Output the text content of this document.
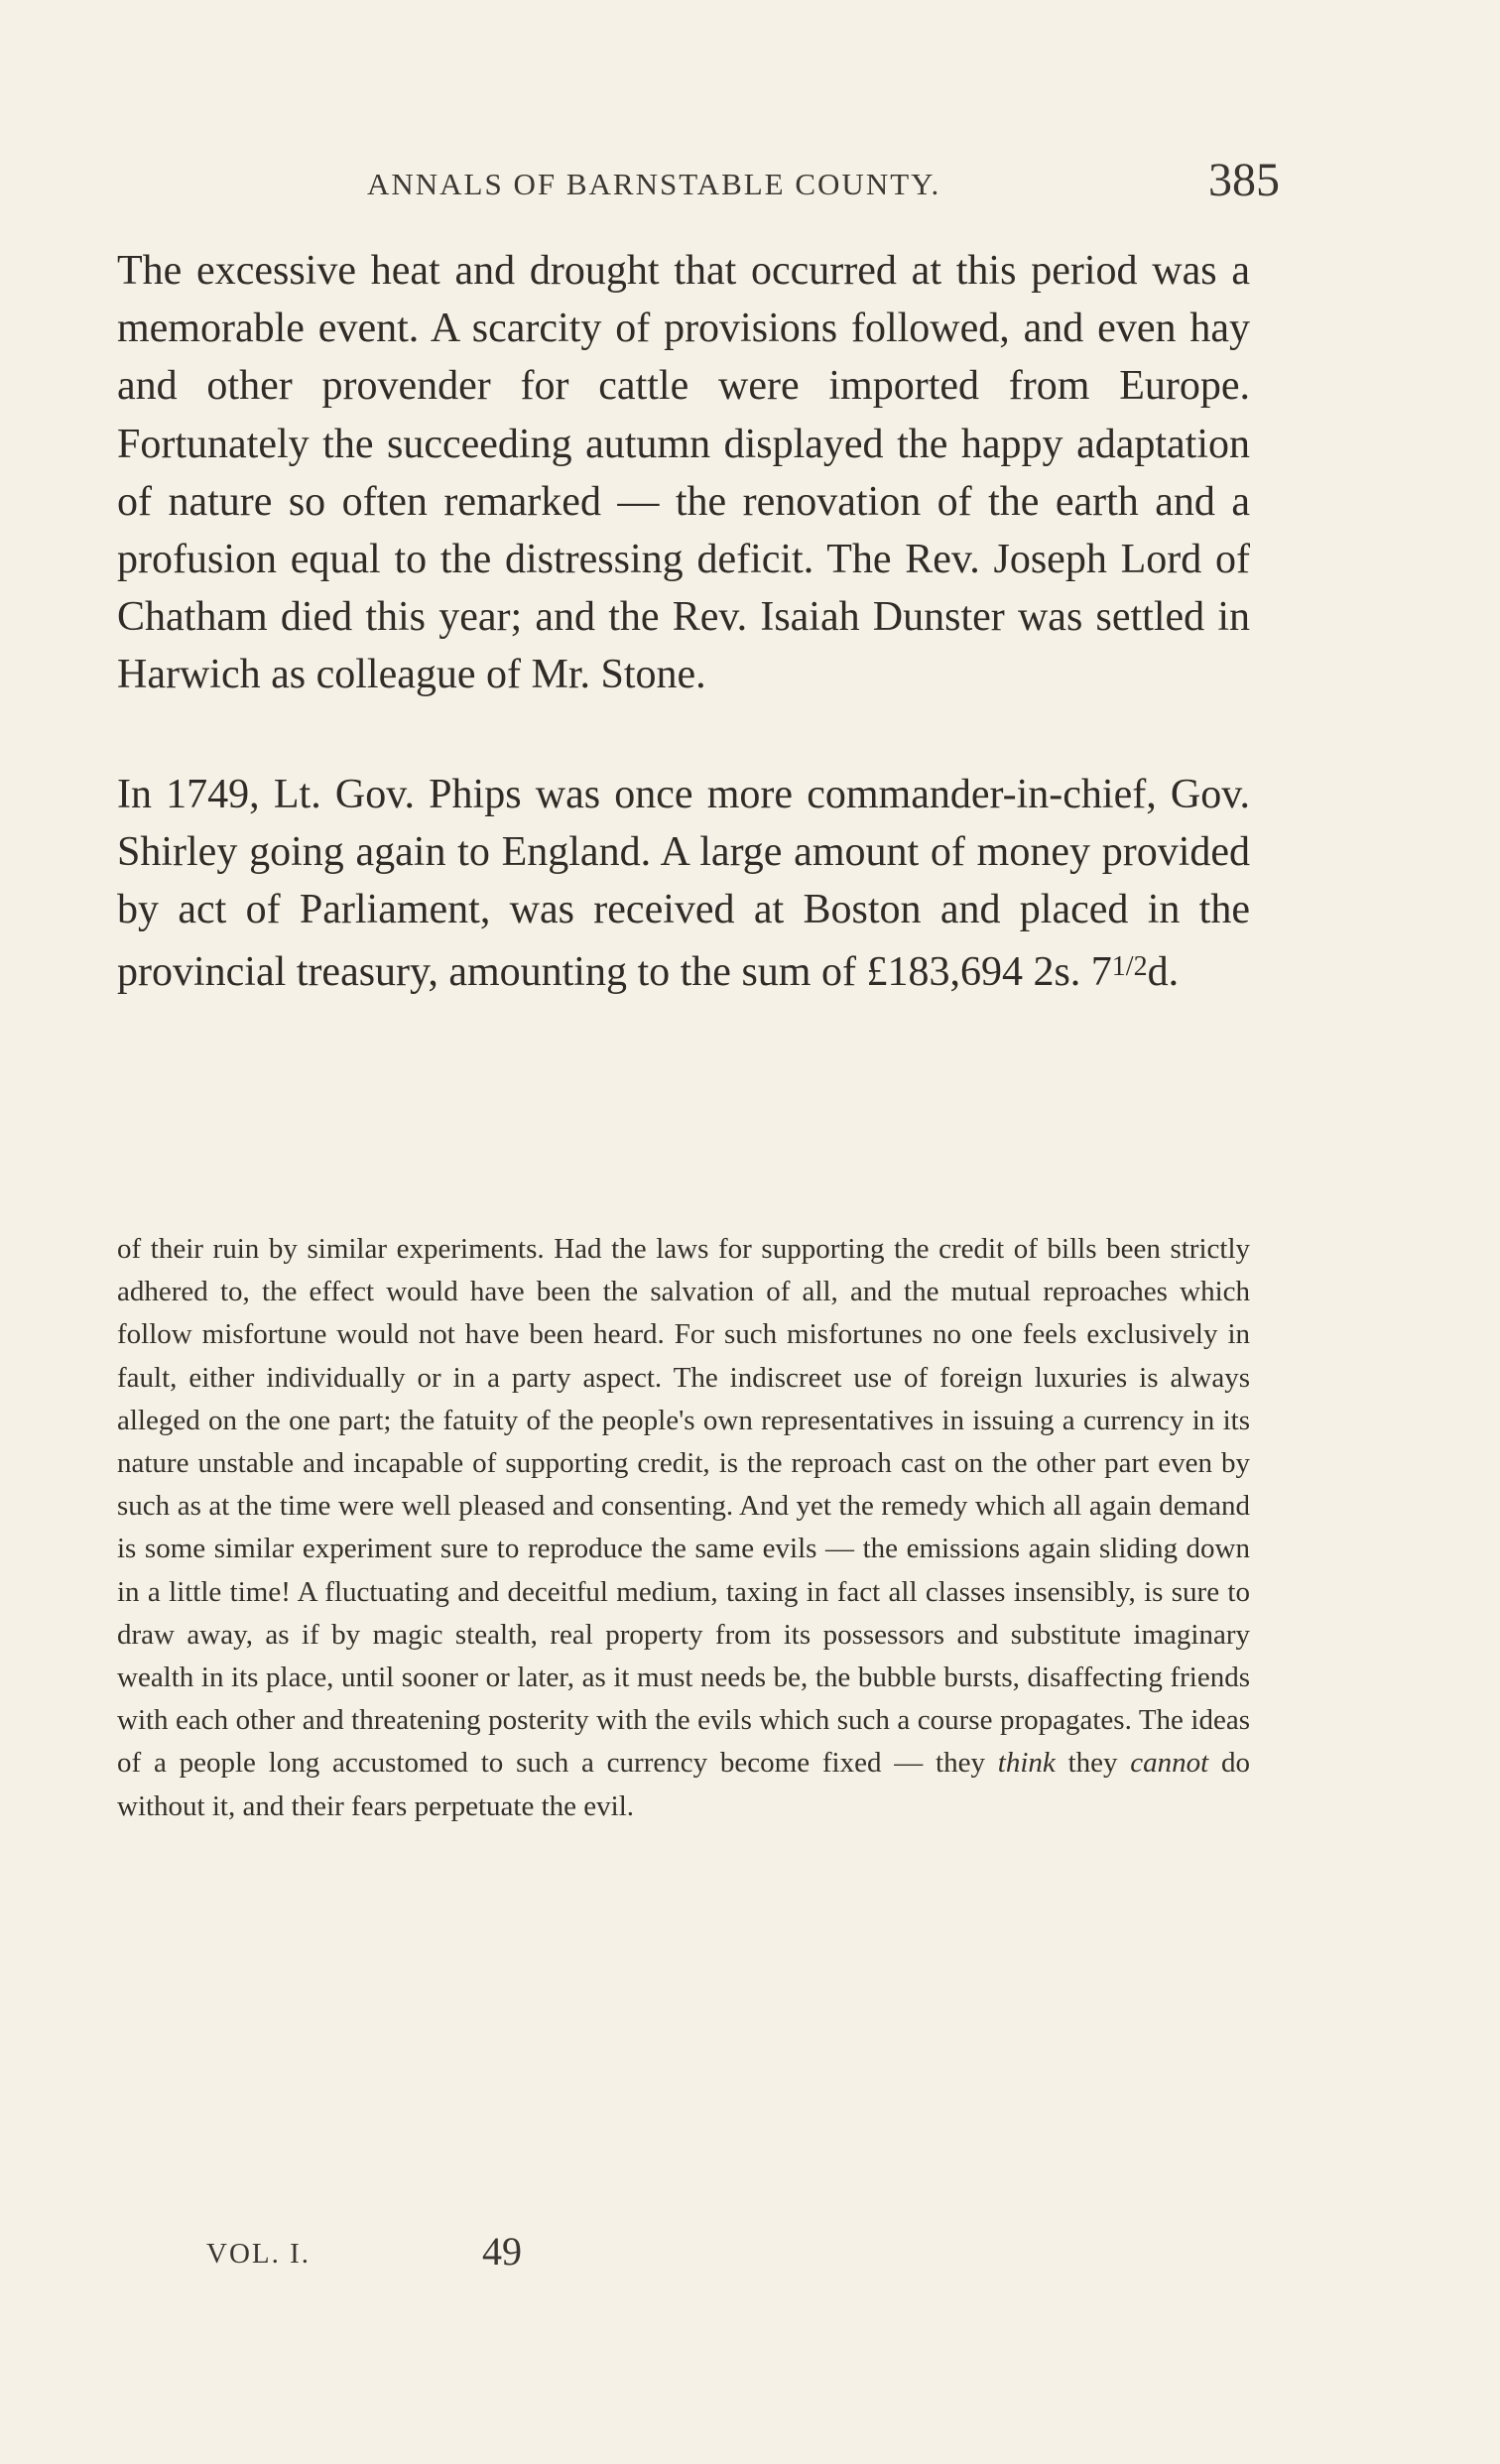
ANNALS OF BARNSTABLE COUNTY.	385

The excessive heat and drought that occurred at this period was a memorable event. A scarcity of provisions followed, and even hay and other provender for cattle were imported from Europe. Fortunately the succeeding autumn displayed the happy adaptation of nature so often remarked — the renovation of the earth and a profusion equal to the distressing deficit. The Rev. Joseph Lord of Chatham died this year; and the Rev. Isaiah Dunster was settled in Harwich as colleague of Mr. Stone.

In 1749, Lt. Gov. Phips was once more commander-in-chief, Gov. Shirley going again to England. A large amount of money provided by act of Parliament, was received at Boston and placed in the provincial treasury, amounting to the sum of £183,694 2s. $7^{1/2}d$.

of their ruin by similar experiments. Had the laws for supporting the credit of bills been strictly adhered to, the effect would have been the salvation of all, and the mutual reproaches which follow misfortune would not have been heard. For such misfortunes no one feels exclusively in fault, either individually or in a party aspect. The indiscreet use of foreign luxuries is always alleged on the one part; the fatuity of the people's own representatives in issuing a currency in its nature unstable and incapable of supporting credit, is the reproach cast on the other part even by such as at the time were well pleased and consenting. And yet the remedy which all again demand is some similar experiment sure to reproduce the same evils — the emissions again sliding down in a little time! A fluctuating and deceitful medium, taxing in fact all classes insensibly, is sure to draw away, as if by magic stealth, real property from its possessors and substitute imaginary wealth in its place, until sooner or later, as it must needs be, the bubble bursts, disaffecting friends with each other and threatening posterity with the evils which such a course propagates. The ideas of a people long accustomed to such a currency become fixed — they think they cannot do without it, and their fears perpetuate the evil.

VOL. I.	49
